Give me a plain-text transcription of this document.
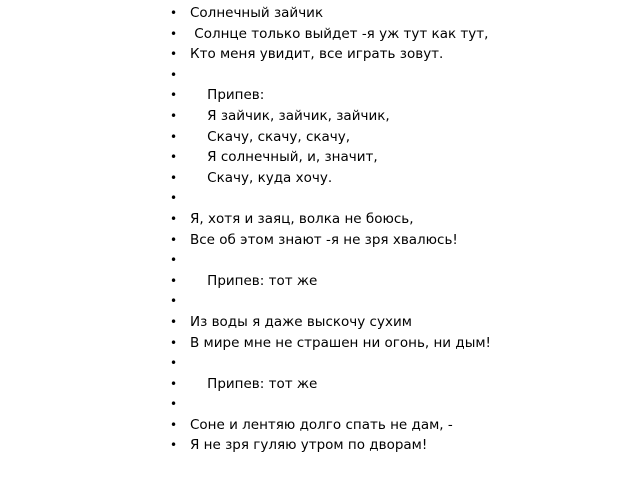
• Солнечный зайчик
• Солнце только выйдет -я уж тут как тут,
• Кто меня увидит, все играть зовут.
•
• Припев:
• Я зайчик, зайчик, зайчик,
• Скачу, скачу, скачу,
• Я солнечный, и, значит,
• Скачу, куда хочу.
•
• Я, хотя и заяц, волка не боюсь,
• Все об этом знают -я не зря хвалюсь!
•
• Припев: тот же
•
• Из воды я даже выскочу сухим
• В мире мне не страшен ни огонь, ни дым!
•
• Припев: тот же
•
• Соне и лентяю долго спать не дам, -
• Я не зря гуляю утром по дворам!
